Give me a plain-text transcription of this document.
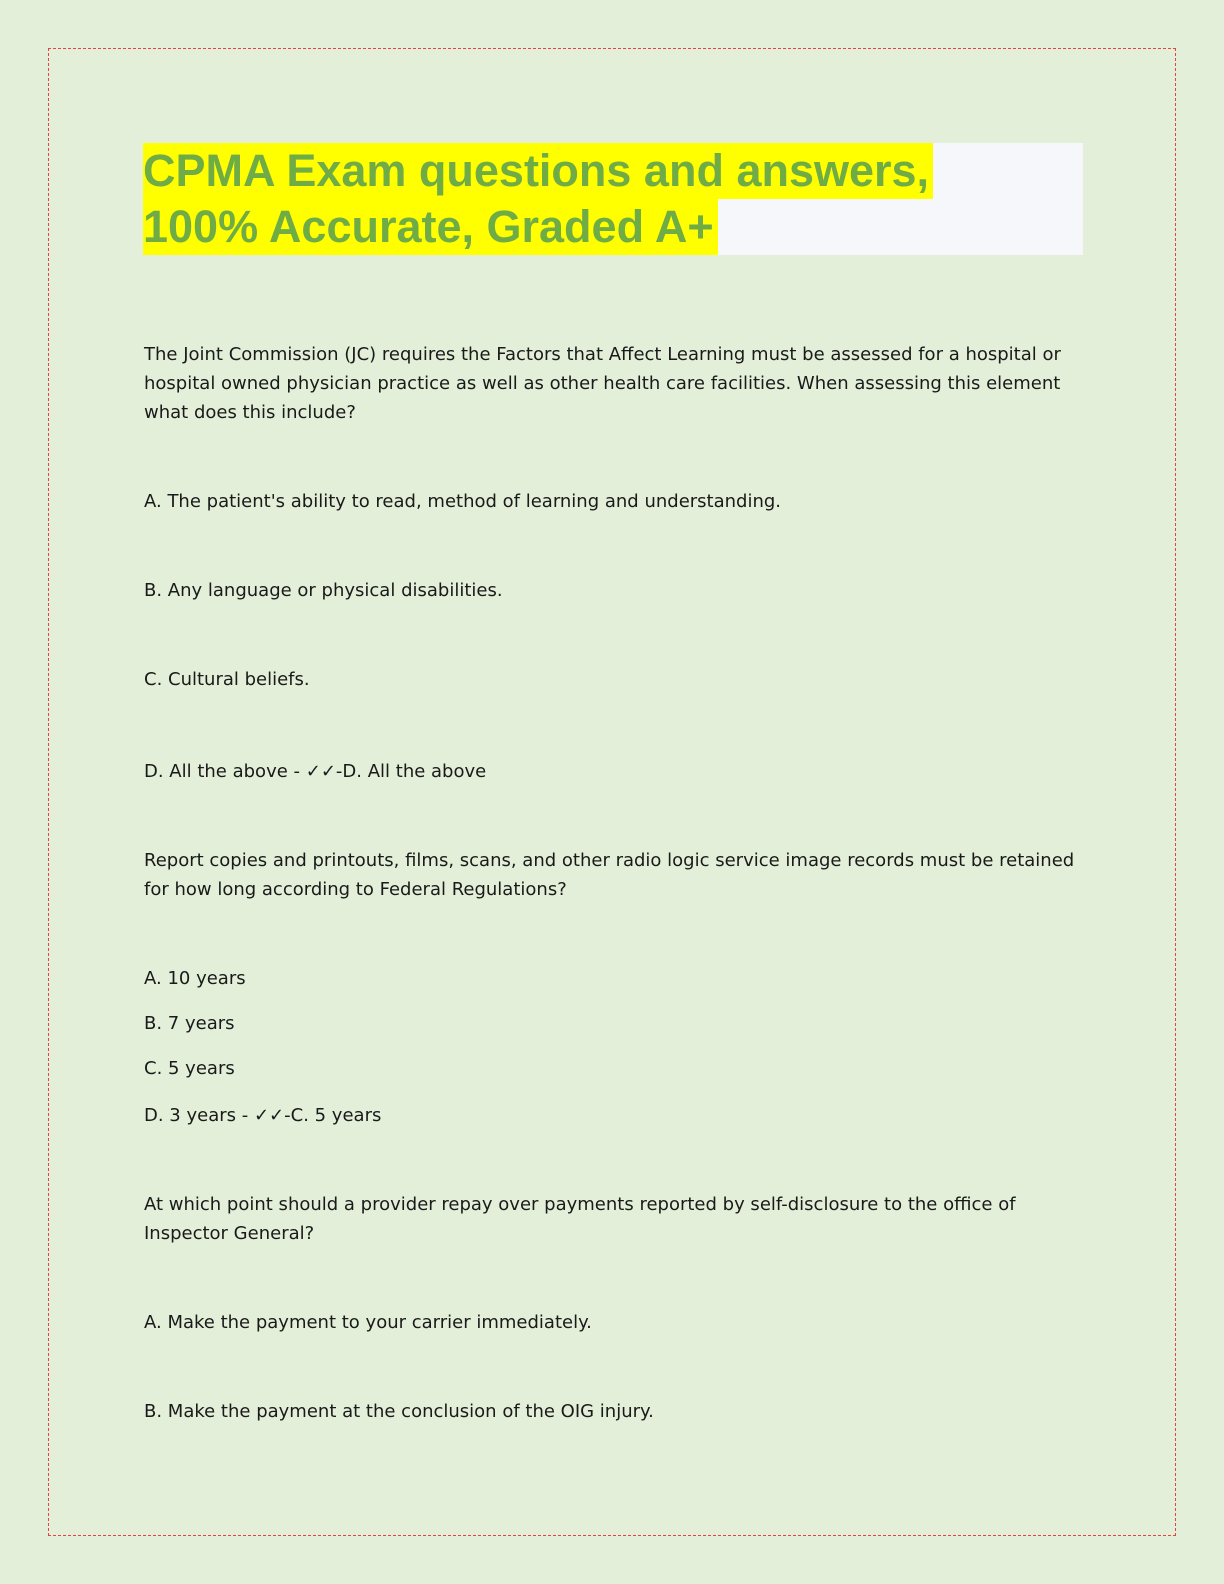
CPMA Exam questions and answers,
100% Accurate, Graded A+

The Joint Commission (JC) requires the Factors that Affect Learning must be assessed for a hospital or

hospital owned physician practice as well as other health care facilities. When assessing this element

what does this include?

A. The patient's ability to read, method of learning and understanding.

B. Any language or physical disabilities.

C. Cultural beliefs.

D. All the above - ✓✓-D. All the above

Report copies and printouts, films, scans, and other radio logic service image records must be retained

for how long according to Federal Regulations?

A. 10 years

B. 7 years

C. 5 years

D. 3 years - ✓✓-C. 5 years

At which point should a provider repay over payments reported by self-disclosure to the office of

Inspector General?

A. Make the payment to your carrier immediately.

B. Make the payment at the conclusion of the OIG injury.
